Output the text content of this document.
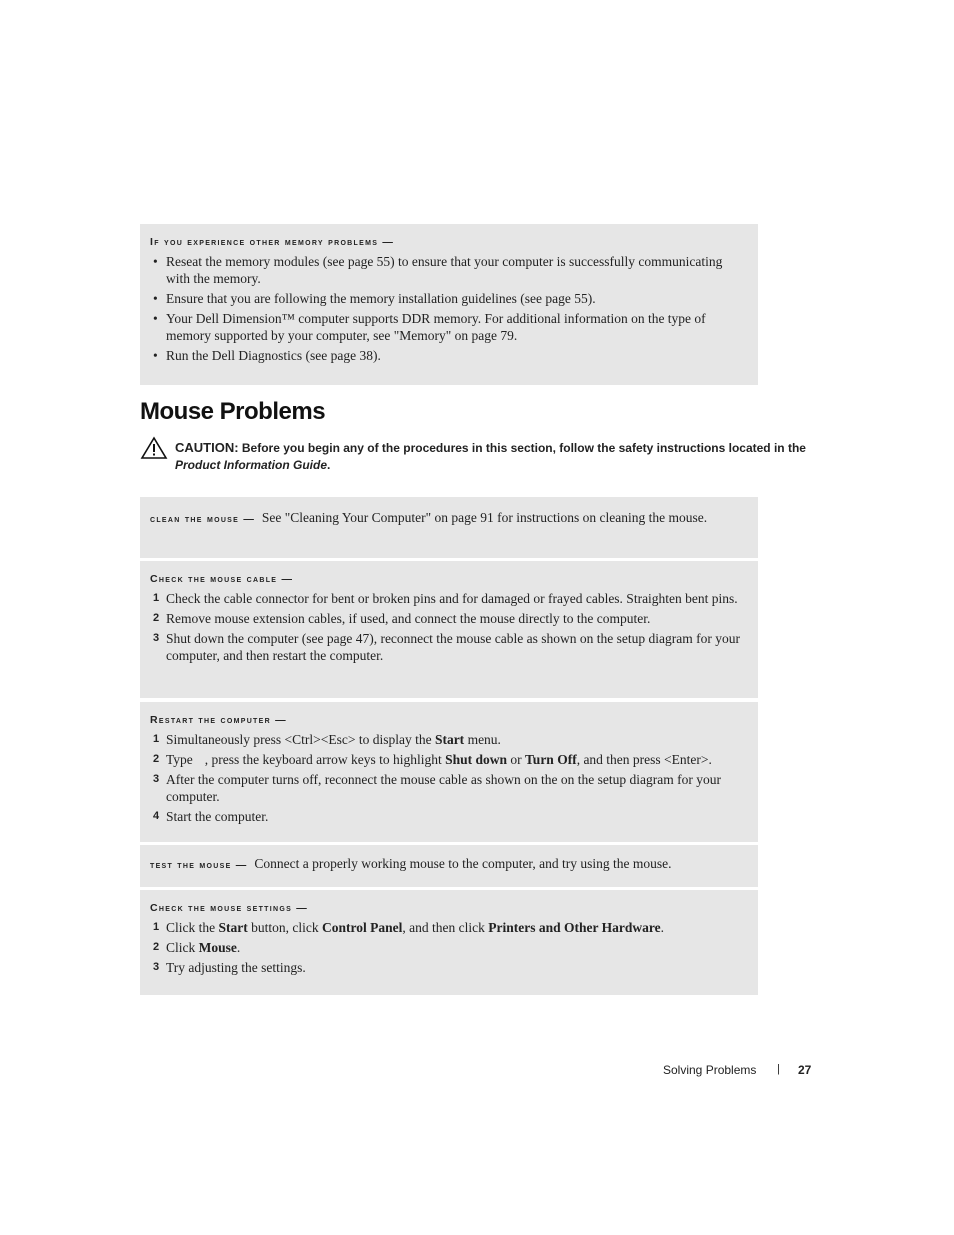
If you experience other memory problems —
• Reseat the memory modules (see page 55) to ensure that your computer is successfully communicating with the memory.
• Ensure that you are following the memory installation guidelines (see page 55).
• Your Dell Dimension™ computer supports DDR memory. For additional information on the type of memory supported by your computer, see "Memory" on page 79.
• Run the Dell Diagnostics (see page 38).
Mouse Problems
CAUTION: Before you begin any of the procedures in this section, follow the safety instructions located in the
Product Information Guide.
clean the mouse — See "Cleaning Your Computer" on page 91 for instructions on cleaning the mouse.
Check the mouse cable —
1 Check the cable connector for bent or broken pins and for damaged or frayed cables. Straighten bent pins.
2 Remove mouse extension cables, if used, and connect the mouse directly to the computer.
3 Shut down the computer (see page 47), reconnect the mouse cable as shown on the setup diagram for your computer, and then restart the computer.
Restart the computer —
1 Simultaneously press <Ctrl><Esc> to display the Start menu.
2 Type , press the keyboard arrow keys to highlight Shut down or Turn Off, and then press <Enter>.
3 After the computer turns off, reconnect the mouse cable as shown on the on the setup diagram for your computer.
4 Start the computer.
test the mouse — Connect a properly working mouse to the computer, and try using the mouse.
Check the mouse settings —
1 Click the Start button, click Control Panel, and then click Printers and Other Hardware.
2 Click Mouse.
3 Try adjusting the settings.
Solving Problems | 27
